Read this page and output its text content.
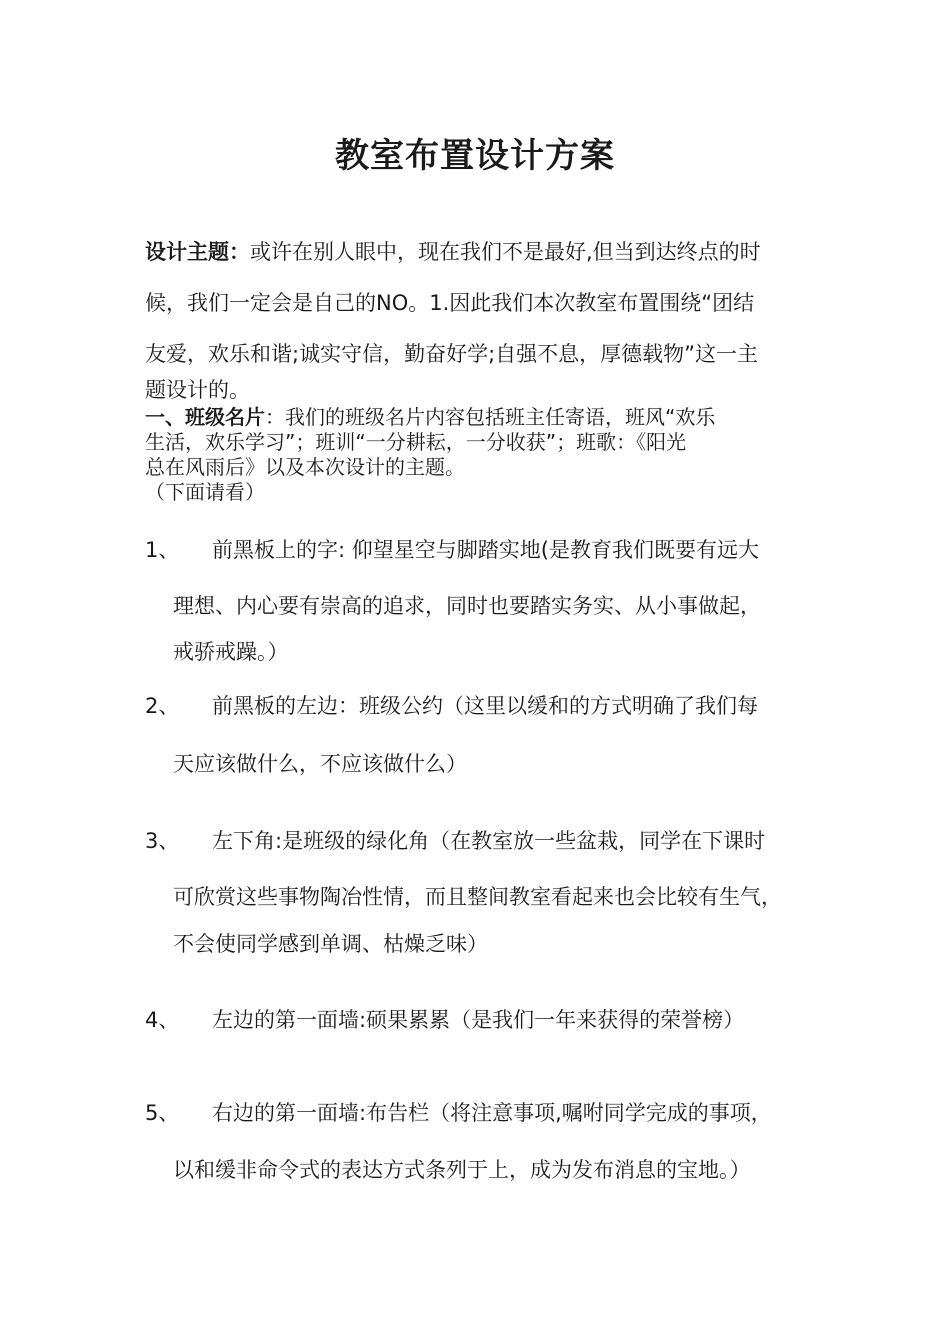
教室布置设计方案
设计主题：或许在别人眼中，现在我们不是最好,但当到达终点的时
候，我们一定会是自己的NO。1.因此我们本次教室布置围绕“团结
友爱，欢乐和谐;诚实守信，勤奋好学;自强不息，厚德载物”这一主
题设计的。
一、班级名片：我们的班级名片内容包括班主任寄语，班风“欢乐
生活，欢乐学习”；班训“一分耕耘，一分收获”；班歌：《阳光
总在风雨后》以及本次设计的主题。
（下面请看）
1、 前黑板上的字: 仰望星空与脚踏实地(是教育我们既要有远大
理想、内心要有崇高的追求，同时也要踏实务实、从小事做起，
戒骄戒躁。）
2、 前黑板的左边：班级公约（这里以缓和的方式明确了我们每
天应该做什么，不应该做什么）
3、 左下角:是班级的绿化角（在教室放一些盆栽，同学在下课时
可欣赏这些事物陶冶性情，而且整间教室看起来也会比较有生气，
不会使同学感到单调、枯燥乏味）
4、 左边的第一面墙:硕果累累（是我们一年来获得的荣誉榜）
5、 右边的第一面墙:布告栏（将注意事项,嘱咐同学完成的事项，
以和缓非命令式的表达方式条列于上，成为发布消息的宝地。）
